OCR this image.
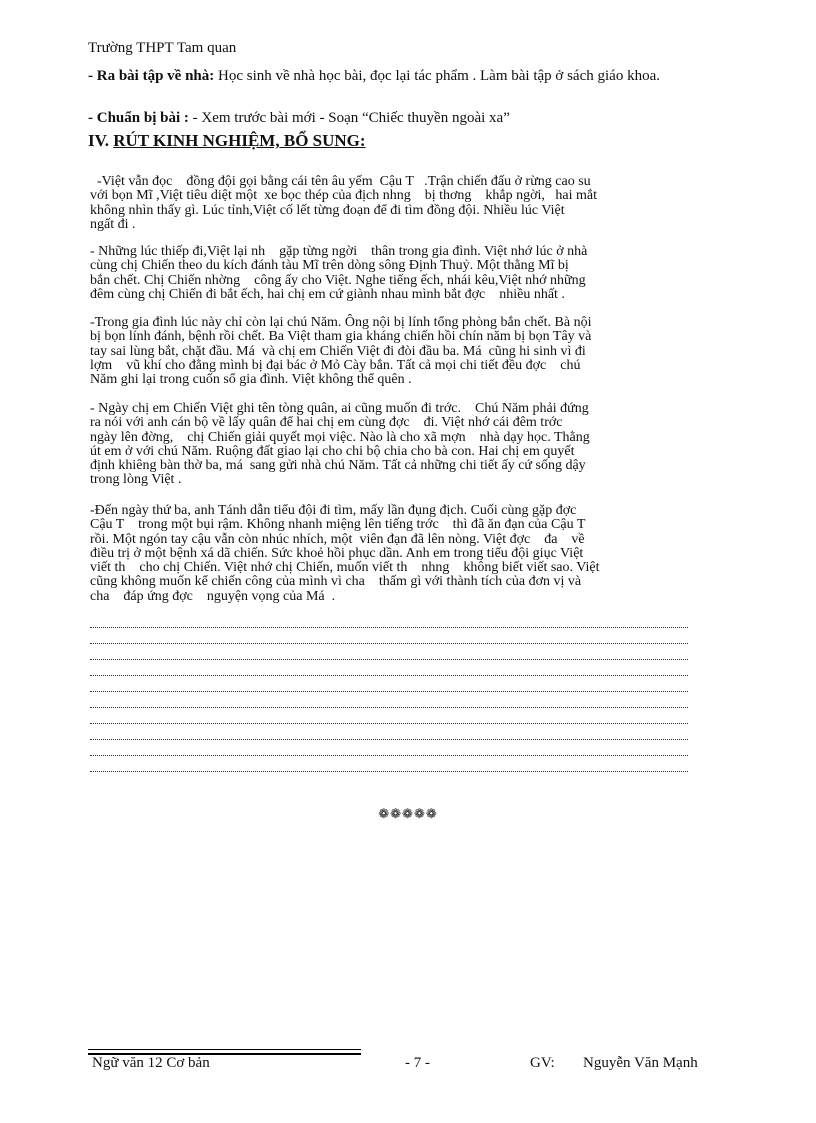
Trường THPT Tam quan
- Ra bài tập về nhà: Học sinh về nhà học bài, đọc lại tác phẩm . Làm bài tập ở sách giáo khoa.
- Chuẩn bị bài : - Xem trước bài mới - Soạn “Chiếc thuyền ngoài xa”
IV. RÚT KINH NGHIỆM, BỔ SUNG:
-Việt vẫn đọc    đồng đội gọi bằng cái tên âu yếm  Cậu T   .Trận chiến đấu ở rừng cao su
với bọn Mĩ ,Việt tiêu diệt một  xe bọc thép của địch nhng    bị thơng    khắp ngời,   hai mắt
không nhìn thấy gì. Lúc tỉnh,Việt cố lết từng đoạn để đi tìm đồng đội. Nhiều lúc Việt
ngất đi .
- Những lúc thiếp đi,Việt lại nh    gặp từng ngời    thân trong gia đình. Việt nhớ lúc ở nhà
cùng chị Chiến theo du kích đánh tàu Mĩ trên dòng sông Định Thuỷ. Một thằng Mĩ bị
bắn chết. Chị Chiến nhờng    công ấy cho Việt. Nghe tiếng ếch, nhái kêu,Việt nhớ những
đêm cùng chị Chiến đi bắt ếch, hai chị em cứ giành nhau mình bắt đợc    nhiều nhất .
-Trong gia đình lúc này chỉ còn lại chú Năm. Ông nội bị lính tổng phòng bắn chết. Bà nội
bị bọn lính đánh, bệnh rồi chết. Ba Việt tham gia kháng chiến hồi chín năm bị bọn Tây và
tay sai lùng bắt, chặt đầu. Má  và chị em Chiến Việt đi đòi đầu ba. Má  cũng hi sinh vì đi
lợm    vũ khí cho đằng mình bị đại bác ở Mỏ Cày bắn. Tất cả mọi chi tiết đều đợc    chú
Năm ghi lại trong cuốn sổ gia đình. Việt không thể quên .
- Ngày chị em Chiến Việt ghi tên tòng quân, ai cũng muốn đi trớc.    Chú Năm phải đứng
ra nói với anh cán bộ về lấy quân để hai chị em cùng đợc    đi. Việt nhớ cái đêm trớc
ngày lên đờng,    chị Chiến giải quyết mọi việc. Nào là cho xã mợn    nhà dạy học. Thằng
út em ở với chú Năm. Ruộng đất giao lại cho chi bộ chia cho bà con. Hai chị em quyết
định khiêng bàn thờ ba, má  sang gửi nhà chú Năm. Tất cả những chi tiết ấy cứ sống dậy
trong lòng Việt .
-Đến ngày thứ ba, anh Tánh dẫn tiểu đội đi tìm, mấy lần đụng địch. Cuối cùng gặp đợc
Cậu T    trong một bụi rậm. Không nhanh miệng lên tiếng trớc    thì đã ăn đạn của Cậu T
rồi. Một ngón tay cậu vẫn còn nhúc nhích, một  viên đạn đã lên nòng. Việt đợc    đa    về
điều trị ở một bệnh xá dã chiến. Sức khoẻ hồi phục dần. Anh em trong tiểu đội giục Việt
viết th    cho chị Chiến. Việt nhớ chị Chiến, muốn viết th    nhng    không biết viết sao. Việt
cũng không muốn kể chiến công của mình vì cha    thấm gì với thành tích của đơn vị và
cha    đáp ứng đợc    nguyện vọng của Má  .
❁❁❁❁❁
Ngữ văn 12 Cơ bản	- 7 -	GV: Nguyễn Văn Mạnh
